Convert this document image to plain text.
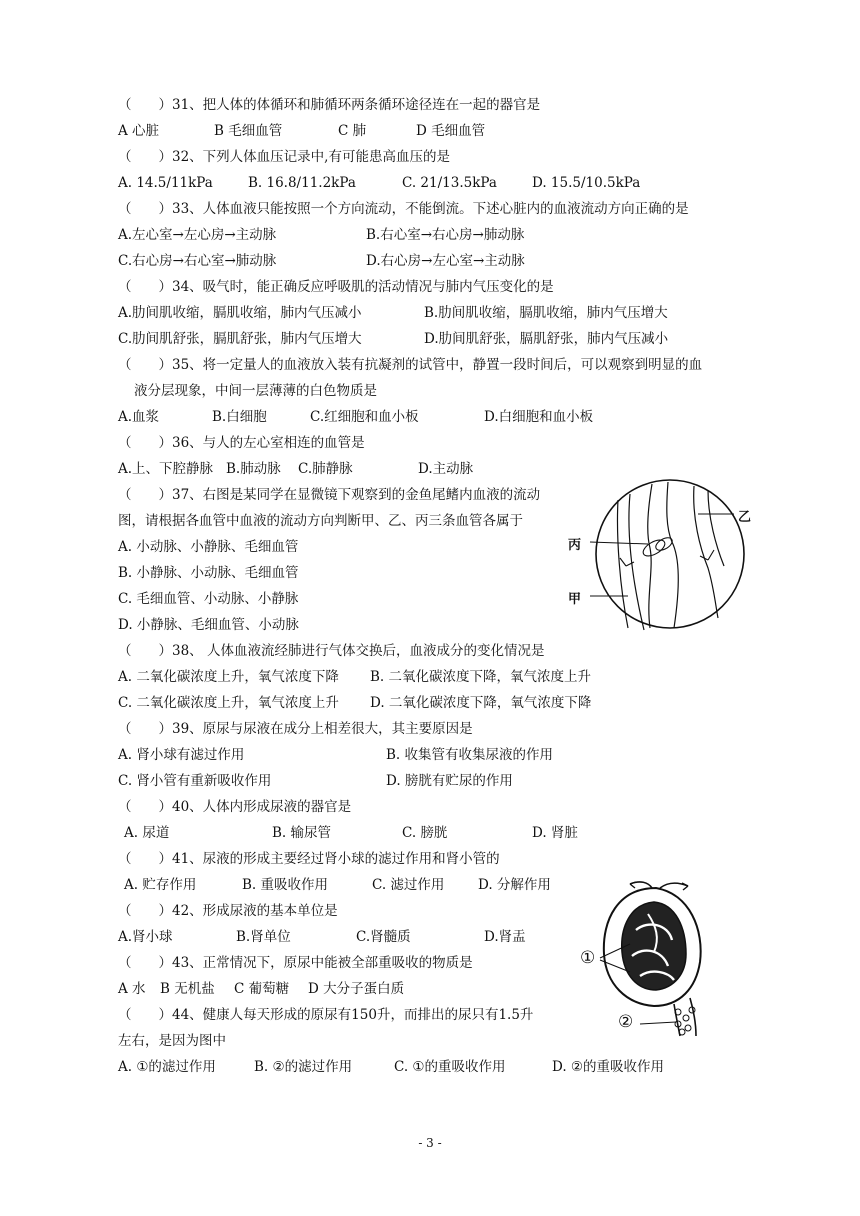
（　　）31、把人体的体循环和肺循环两条循环途径连在一起的器官是
A 心脏	B 毛细血管	C 肺	D 毛细血管
（　　）32、下列人体血压记录中,有可能患高血压的是
A. 14.5/11kPa	B. 16.8/11.2kPa	C. 21/13.5kPa	D. 15.5/10.5kPa
（　　）33、人体血液只能按照一个方向流动，不能倒流。下述心脏内的血液流动方向正确的是
A.左心室→左心房→主动脉	B.右心室→右心房→肺动脉
C.右心房→右心室→肺动脉	D.右心房→左心室→主动脉
（　　）34、吸气时，能正确反应呼吸肌的活动情况与肺内气压变化的是
A.肋间肌收缩，膈肌收缩，肺内气压减小	B.肋间肌收缩，膈肌收缩，肺内气压增大
C.肋间肌舒张，膈肌舒张，肺内气压增大	D.肋间肌舒张，膈肌舒张，肺内气压减小
（　　）35、将一定量人的血液放入装有抗凝剂的试管中，静置一段时间后，可以观察到明显的血
液分层现象，中间一层薄薄的白色物质是
A.血浆	B.白细胞	C.红细胞和血小板	D.白细胞和血小板
（　　）36、与人的左心室相连的血管是
A.上、下腔静脉 B.肺动脉 C.肺静脉	D.主动脉
（　　）37、右图是某同学在显微镜下观察到的金鱼尾鳍内血液的流动
图，请根据各血管中血液的流动方向判断甲、乙、丙三条血管各属于
A. 小动脉、小静脉、毛细血管
B. 小静脉、小动脉、毛细血管
C. 毛细血管、小动脉、小静脉
D. 小静脉、毛细血管、小动脉
乙
丙
甲
（　　）38、 人体血液流经肺进行气体交换后，血液成分的变化情况是
A. 二氧化碳浓度上升，氧气浓度下降 B. 二氧化碳浓度下降，氧气浓度上升
C. 二氧化碳浓度上升，氧气浓度上升 D. 二氧化碳浓度下降，氧气浓度下降
（　　）39、原尿与尿液在成分上相差很大，其主要原因是
A. 肾小球有滤过作用	B. 收集管有收集尿液的作用
C. 肾小管有重新吸收作用	D. 膀胱有贮尿的作用
（　　）40、人体内形成尿液的器官是
A. 尿道	B. 输尿管	C. 膀胱	D. 肾脏
（　　）41、尿液的形成主要经过肾小球的滤过作用和肾小管的
A. 贮存作用	B. 重吸收作用	C. 滤过作用 D. 分解作用
（　　）42、形成尿液的基本单位是
A.肾小球	B.肾单位	C.肾髓质	D.肾盂
（　　）43、正常情况下，原尿中能被全部重吸收的物质是
A 水 B 无机盐 C 葡萄糖 D 大分子蛋白质
（　　）44、健康人每天形成的原尿有150升，而排出的尿只有1.5升
左右，是因为图中
A. ①的滤过作用	B. ②的滤过作用	C. ①的重吸收作用	D. ②的重吸收作用
①
②
- 3 -
